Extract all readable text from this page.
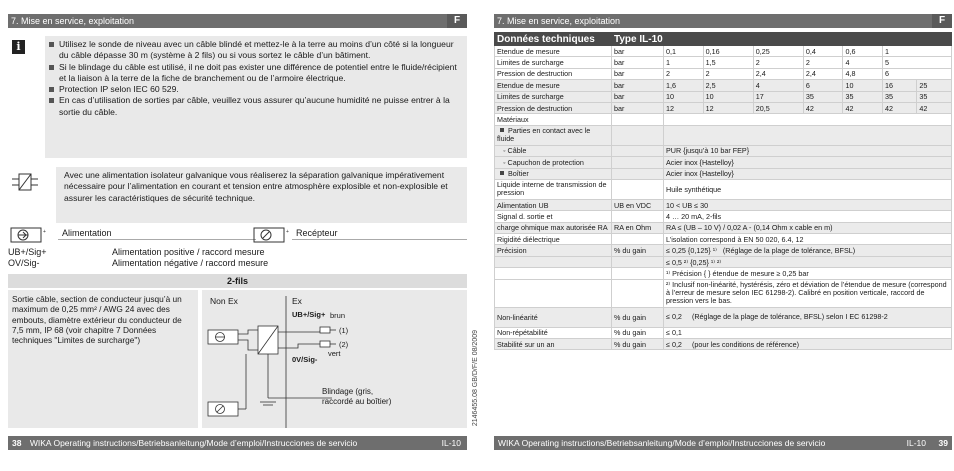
7. Mise en service, exploitation	F
i	Utilisez le sonde de niveau avec un câble blindé et mettez-le à la terre au moins d’un côté si la longueur du câble dépasse 30 m (système à 2 fils) ou si vous sortez le câble d’un bâtiment.
Si le blindage du câble est utilisé, il ne doit pas exister une différence de potentiel entre le fluide/récipient et la liaison à la terre de la fiche de branchement ou de l’armoire électrique.
Protection IP selon IEC 60 529.
En cas d’utilisation de sorties par câble, veuillez vous assurer qu’aucune humidité ne puisse entrer à la sortie du câble.
Avec une alimentation isolateur galvanique vous réaliserez la séparation galvanique impérativement nécessaire pour l’alimentation en courant et tension entre atmosphère explosible et non-explosible et assurer les caractéristiques de sécurité technique.
+ Alimentation	+ Recépteur
UB+/Sig+	Alimentation positive / raccord mesure
OV/Sig-	Alimentation négative / raccord mesure
2-fils
Sortie câble, section de conducteur jusqu’à un maximum de 0,25 mm² / AWG 24 avec des embouts, diamètre extérieur du conducteur de 7,5 mm, IP 68 (voir chapitre 7 Données techniques "Limites de surcharge")
Non Ex	Ex
UB+/Sig+ brun
(1)
(2)
0V/Sig-
vert
Blindage (gris, raccordé au boîtier)	2146455.08 GB/D/F/E 08/2009
38 WIKA Operating instructions/Betriebsanleitung/Mode d’emploi/Instrucciones de servicio	IL-10
7. Mise en service, exploitation	F
Données techniques	Type IL-10							
Etendue de mesure	bar	0,1	0,16	0,25	0,4	0,6	1	
Limites de surcharge	bar	1	1,5	2	2	4	5	
Pression de destruction	bar	2	2	2,4	2,4	4,8	6	
Etendue de mesure	bar	1,6	2,5	4	6	10	16	25
Limites de surcharge	bar	10	10	17	35	35	35	35
Pression de destruction	bar	12	12	20,5	42	42	42	42
Matériaux								
Parties en contact avec le fluide								
◦ Câble		PUR {jusqu’à 10 bar FEP}						
◦ Capuchon de protection		Acier inox {Hastelloy}						
Boîtier		Acier inox {Hastelloy}						
Liquide interne de transmission de pression		Huile synthétique						
Alimentation UB	UB en VDC	10 < UB ≤ 30						
Signal d. sortie et		4 … 20 mA, 2-fils						
charge ohmique max autorisée RA	RA en Ohm	RA ≤ (UB – 10 V) / 0,02 A - (0,14 Ohm x cable en m)						
Rigidité diélectrique		L’isolation correspond à EN 50 020, 6.4, 12						
Précision	% du gain	≤ 0,25 {0,125} ¹⁾ (Réglage de la plage de tolérance, BFSL)						
		≤ 0,5 ²⁾ {0,25} ¹⁾ ²⁾						
		¹⁾ Précision { } étendue de mesure ≥ 0,25 bar						
		²⁾ Inclusif non-linéarité, hystérésis, zéro et déviation de l’étendue de mesure (correspond à l’erreur de mesure selon IEC 61298-2). Calibré en position verticale, raccord de pression vers le bas.						
Non-linéarité	% du gain	≤ 0,2 (Réglage de la plage de tolérance, BFSL) selon I EC 61298-2						
Non-répétabilité	% du gain	≤ 0,1						
Stabilité sur un an	% du gain	≤ 0,2 (pour les conditions de référence)						
WIKA Operating instructions/Betriebsanleitung/Mode d’emploi/Instrucciones de servicio	IL-10 39
